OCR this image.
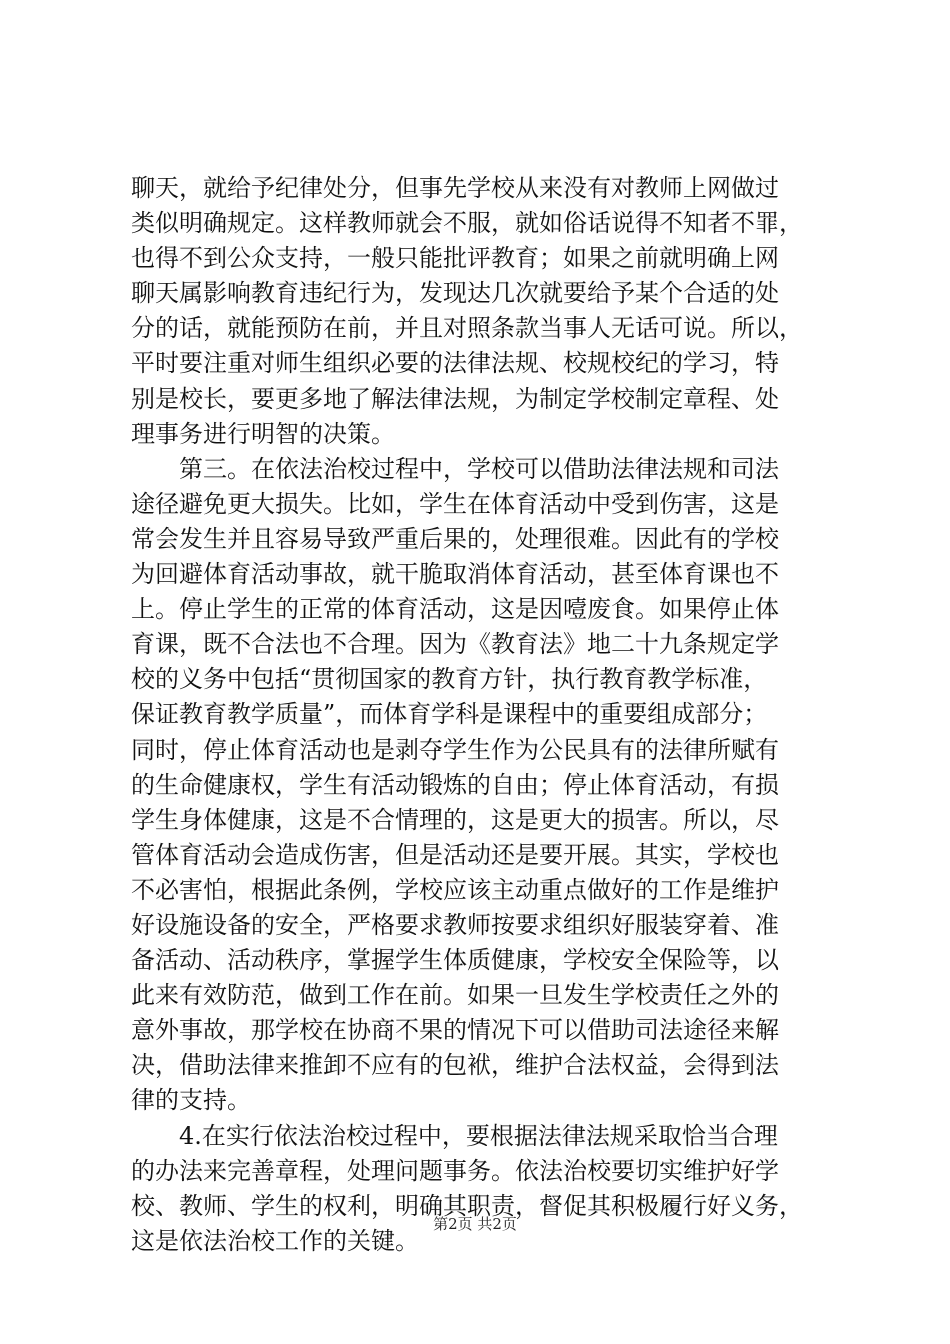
聊天，就给予纪律处分，但事先学校从来没有对教师上网做过
类似明确规定。这样教师就会不服，就如俗话说得不知者不罪，
也得不到公众支持，一般只能批评教育；如果之前就明确上网
聊天属影响教育违纪行为，发现达几次就要给予某个合适的处
分的话，就能预防在前，并且对照条款当事人无话可说。所以，
平时要注重对师生组织必要的法律法规、校规校纪的学习，特
别是校长，要更多地了解法律法规，为制定学校制定章程、处
理事务进行明智的决策。
　　第三。在依法治校过程中，学校可以借助法律法规和司法
途径避免更大损失。比如，学生在体育活动中受到伤害，这是
常会发生并且容易导致严重后果的，处理很难。因此有的学校
为回避体育活动事故，就干脆取消体育活动，甚至体育课也不
上。停止学生的正常的体育活动，这是因噎废食。如果停止体
育课，既不合法也不合理。因为《教育法》地二十九条规定学
校的义务中包括“贯彻国家的教育方针，执行教育教学标准，
保证教育教学质量”，而体育学科是课程中的重要组成部分；
同时，停止体育活动也是剥夺学生作为公民具有的法律所赋有
的生命健康权，学生有活动锻炼的自由；停止体育活动，有损
学生身体健康，这是不合情理的，这是更大的损害。所以，尽
管体育活动会造成伤害，但是活动还是要开展。其实，学校也
不必害怕，根据此条例，学校应该主动重点做好的工作是维护
好设施设备的安全，严格要求教师按要求组织好服装穿着、准
备活动、活动秩序，掌握学生体质健康，学校安全保险等，以
此来有效防范，做到工作在前。如果一旦发生学校责任之外的
意外事故，那学校在协商不果的情况下可以借助司法途径来解
决，借助法律来推卸不应有的包袱，维护合法权益，会得到法
律的支持。
　　4.在实行依法治校过程中，要根据法律法规采取恰当合理
的办法来完善章程，处理问题事务。依法治校要切实维护好学
校、教师、学生的权利，明确其职责，督促其积极履行好义务，
这是依法治校工作的关键。
第2页 共2页
